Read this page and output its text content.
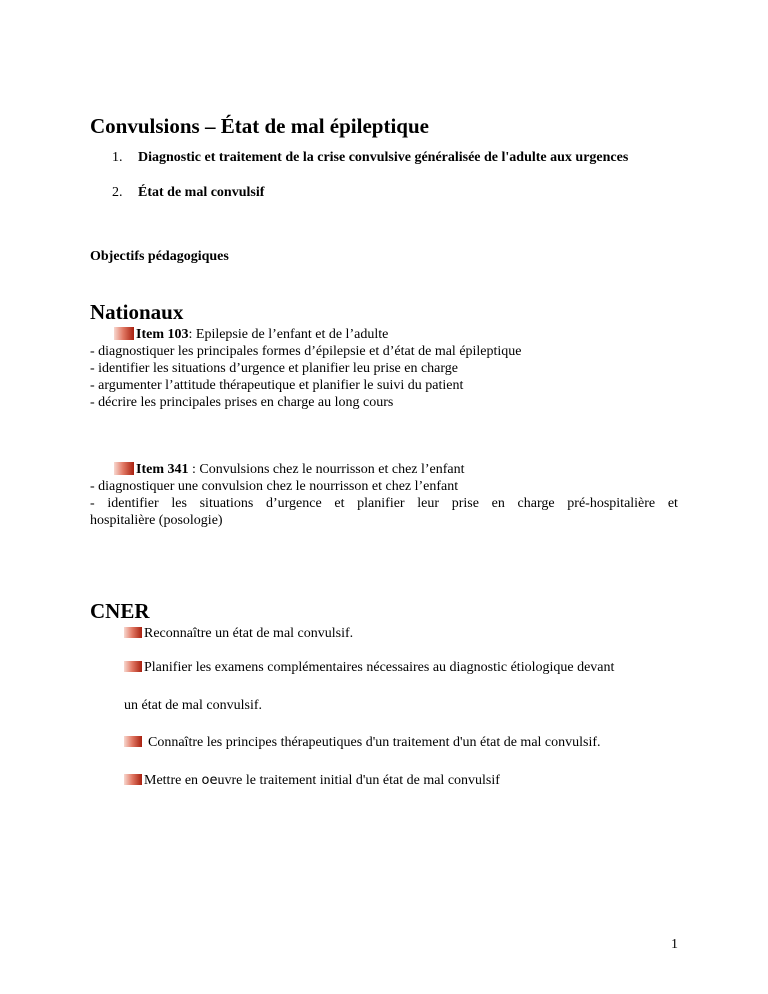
Convulsions – État de mal épileptique
1. Diagnostic et traitement de la crise convulsive généralisée de l'adulte aux urgences
2. État de mal convulsif
Objectifs pédagogiques
Nationaux
Item 103: Epilepsie de l’enfant et de l’adulte
- diagnostiquer les principales formes d’épilepsie et d’état de mal épileptique
- identifier les situations d’urgence et planifier leu prise en charge
- argumenter l’attitude thérapeutique et planifier le suivi du patient
- décrire les principales prises en charge au long cours
Item 341 : Convulsions chez le nourrisson et chez l’enfant
- diagnostiquer une convulsion chez le nourrisson et chez l’enfant
- identifier les situations d’urgence et planifier leur prise en charge pré-hospitalière et
hospitalière (posologie)
CNER
Reconnaître un état de mal convulsif.
Planifier les examens complémentaires nécessaires au diagnostic étiologique devant
un état de mal convulsif.
Connaître les principes thérapeutiques d'un traitement d'un état de mal convulsif.
Mettre en oeuvre le traitement initial d'un état de mal convulsif
1
